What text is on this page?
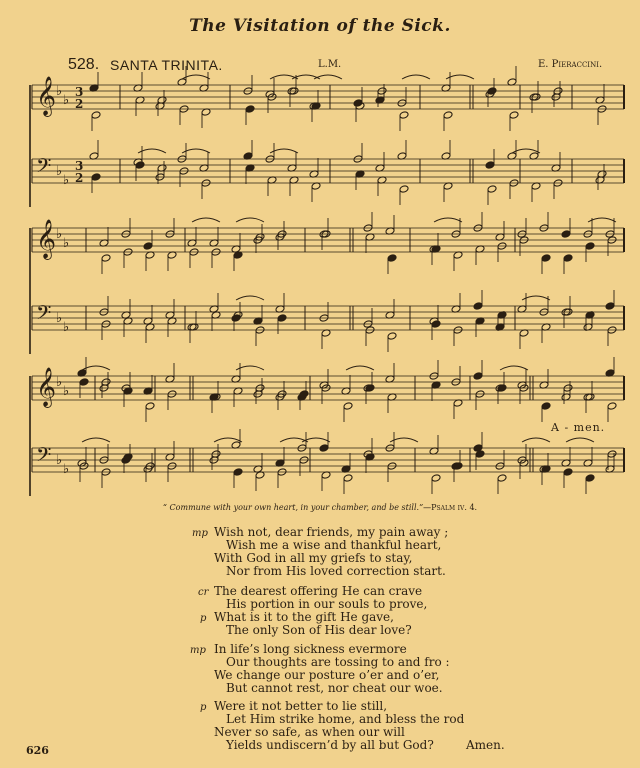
The Visitation of the Sick.
528. SANTA TRINITA.	L.M.	E. Pieraccini.
𝄞 ♭
♭
3
2
𝄢 ♭
♭
3
2
𝄞 ♭
♭
𝄢 ♭
♭
𝄞 ♭
♭
𝄢 ♭
♭
A - men.
“ Commune with your own heart, in your chamber, and be still.”—Psalm iv. 4.
mp Wish not, dear friends, my pain away ;
Wish me a wise and thankful heart,
With God in all my griefs to stay,
Nor from His loved correction start.
cr The dearest offering He can crave
His portion in our souls to prove,
p What is it to the gift He gave,
The only Son of His dear love?
mp In life’s long sickness evermore
Our thoughts are tossing to and fro :
We change our posture o’er and o’er,
But cannot rest, nor cheat our woe.
p Were it not better to lie still,
Let Him strike home, and bless the rod
Never so safe, as when our will
Yields undiscern’d by all but God?	Amen.
626
